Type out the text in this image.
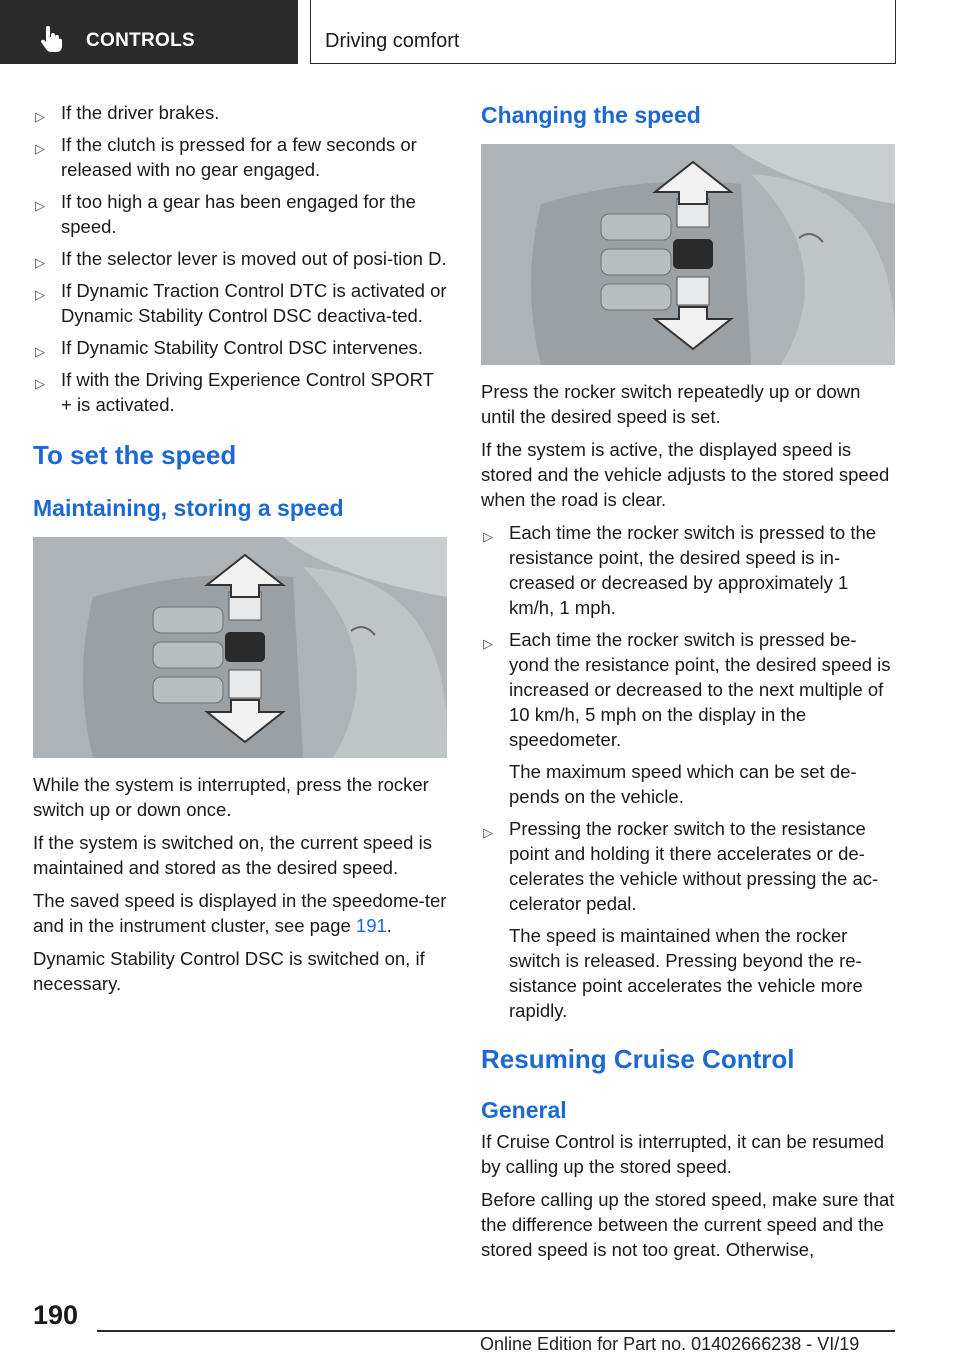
CONTROLS	Driving comfort
▷ If the driver brakes.
▷ If the clutch is pressed for a few seconds or released with no gear engaged.
▷ If too high a gear has been engaged for the speed.
▷ If the selector lever is moved out of posi-tion D.
▷ If Dynamic Traction Control DTC is activated or Dynamic Stability Control DSC deactiva-ted.
▷ If Dynamic Stability Control DSC intervenes.
▷ If with the Driving Experience Control SPORT + is activated.
To set the speed
Maintaining, storing a speed

While the system is interrupted, press the rocker switch up or down once.

If the system is switched on, the current speed is maintained and stored as the desired speed.

The saved speed is displayed in the speedome-ter and in the instrument cluster, see page 191.

Dynamic Stability Control DSC is switched on, if necessary.

Changing the speed

Press the rocker switch repeatedly up or down until the desired speed is set.

If the system is active, the displayed speed is stored and the vehicle adjusts to the stored speed when the road is clear.

▷ Each time the rocker switch is pressed to the resistance point, the desired speed is in-creased or decreased by approximately 1 km/h, 1 mph.
▷ Each time the rocker switch is pressed be-yond the resistance point, the desired speed is increased or decreased to the next multiple of 10 km/h, 5 mph on the display in the speedometer.

The maximum speed which can be set de-pends on the vehicle.

▷ Pressing the rocker switch to the resistance point and holding it there accelerates or de-celerates the vehicle without pressing the ac-celerator pedal.

The speed is maintained when the rocker switch is released. Pressing beyond the re-sistance point accelerates the vehicle more rapidly.

Resuming Cruise Control
General

If Cruise Control is interrupted, it can be resumed by calling up the stored speed.

Before calling up the stored speed, make sure that the difference between the current speed and the stored speed is not too great. Otherwise,

190
Online Edition for Part no. 01402666238 - VI/19
